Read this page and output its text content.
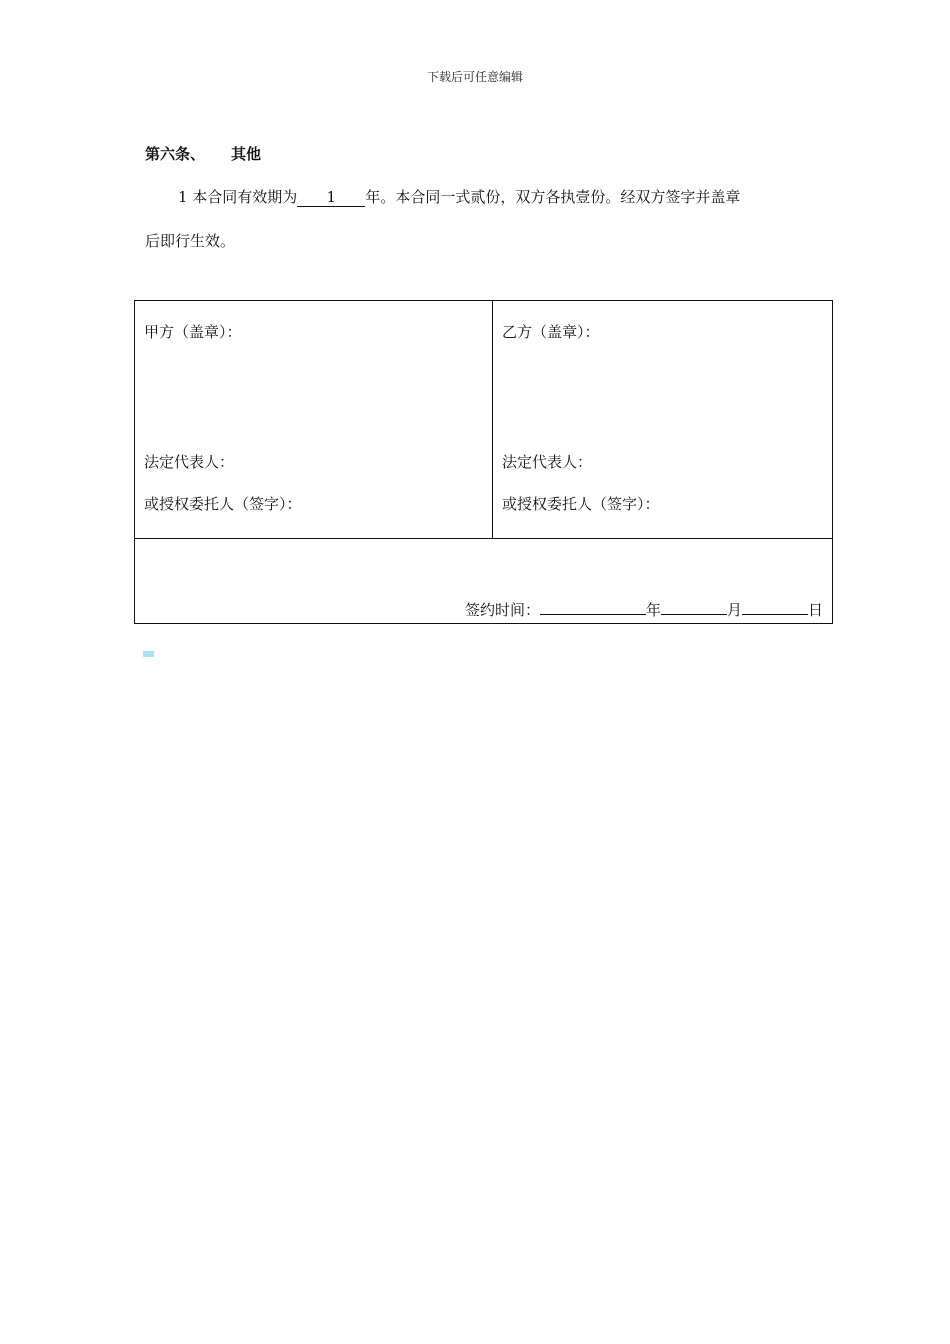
下载后可任意编辑
第六条、 其他
1 本合同有效期为 1 年。本合同一式贰份，双方各执壹份。经双方签字并盖章
后即行生效。
甲方（盖章）：
法定代表人：
或授权委托人（签字）：
乙方（盖章）：
法定代表人：
或授权委托人（签字）：
签约时间：	年	月	日
